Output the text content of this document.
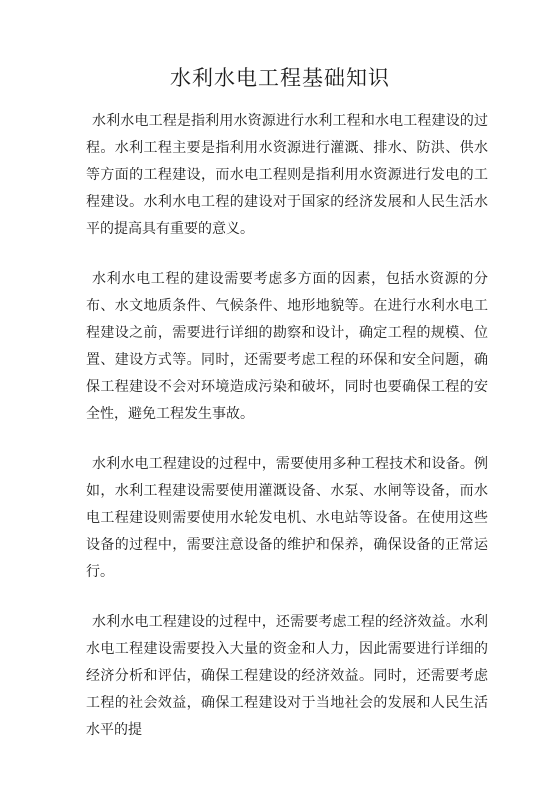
水利水电工程基础知识

水利水电工程是指利用水资源进行水利工程和水电工程建设的过程。水利工程主要是指利用水资源进行灌溉、排水、防洪、供水等方面的工程建设，而水电工程则是指利用水资源进行发电的工程建设。水利水电工程的建设对于国家的经济发展和人民生活水平的提高具有重要的意义。

水利水电工程的建设需要考虑多方面的因素，包括水资源的分布、水文地质条件、气候条件、地形地貌等。在进行水利水电工程建设之前，需要进行详细的勘察和设计，确定工程的规模、位置、建设方式等。同时，还需要考虑工程的环保和安全问题，确保工程建设不会对环境造成污染和破坏，同时也要确保工程的安全性，避免工程发生事故。

水利水电工程建设的过程中，需要使用多种工程技术和设备。例如，水利工程建设需要使用灌溉设备、水泵、水闸等设备，而水电工程建设则需要使用水轮发电机、水电站等设备。在使用这些设备的过程中，需要注意设备的维护和保养，确保设备的正常运行。

水利水电工程建设的过程中，还需要考虑工程的经济效益。水利水电工程建设需要投入大量的资金和人力，因此需要进行详细的经济分析和评估，确保工程建设的经济效益。同时，还需要考虑工程的社会效益，确保工程建设对于当地社会的发展和人民生活水平的提
